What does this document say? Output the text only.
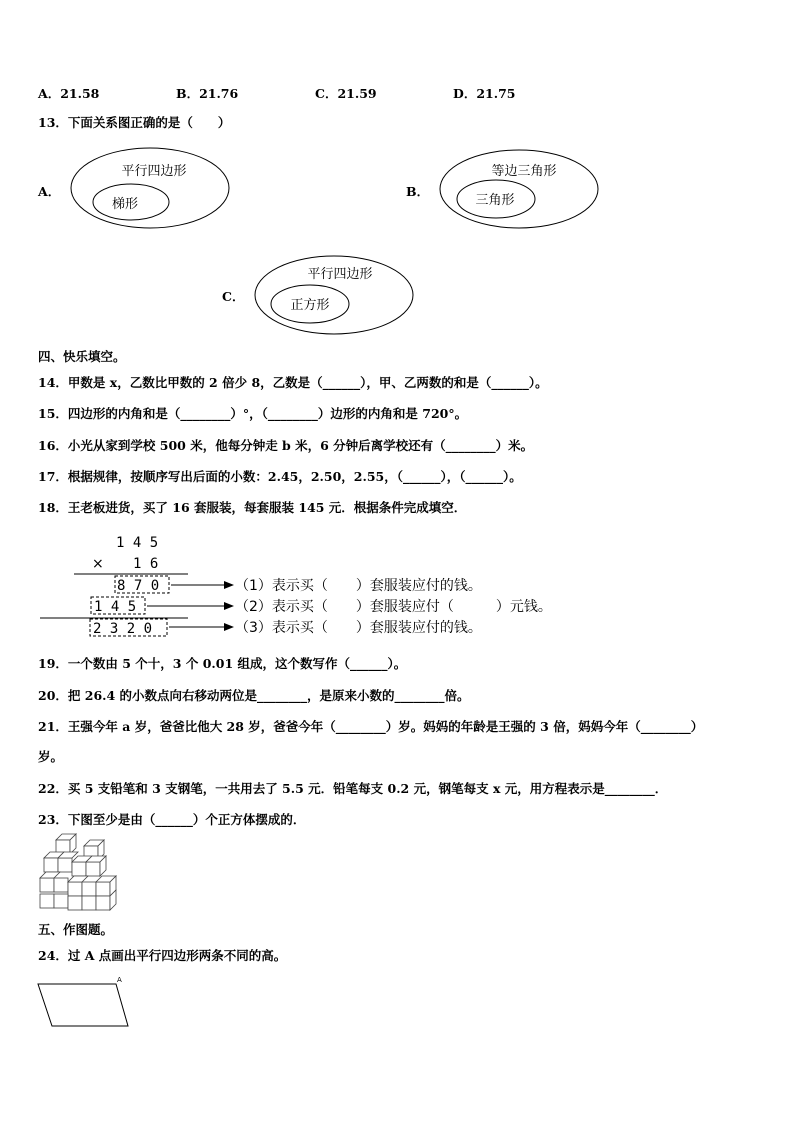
A．21.58	B．21.76	C．21.59	D．21.75
13．下面关系图正确的是（　　）
A．
平行四边形
梯形
B．
等边三角形
三角形
C．
平行四边形
正方形
四、快乐填空。
14．甲数是 x，乙数比甲数的 2 倍少 8，乙数是（______），甲、乙两数的和是（______）。
15．四边形的内角和是（________）°，（________）边形的内角和是 720°。
16．小光从家到学校 500 米，他每分钟走 b 米，6 分钟后离学校还有（________）米。
17．根据规律，按顺序写出后面的小数：2.45，2.50，2.55，（______），（______）。
18．王老板进货，买了 16 套服装，每套服装 145 元．根据条件完成填空．
1 4 5
× 1 6
8 7 0
1 4 5
2 3 2 0
（1）表示买（　　）套服装应付的钱。
（2）表示买（　　）套服装应付（　　　）元钱。
（3）表示买（　　）套服装应付的钱。
19．一个数由 5 个十，3 个 0.01 组成，这个数写作（______）。
20．把 26.4 的小数点向右移动两位是________，是原来小数的________倍。
21．王强今年 a 岁，爸爸比他大 28 岁，爸爸今年（________）岁。妈妈的年龄是王强的 3 倍，妈妈今年（________）
岁。
22．买 5 支铅笔和 3 支钢笔，一共用去了 5.5 元．铅笔每支 0.2 元，钢笔每支 x 元，用方程表示是________．
23．下图至少是由（______）个正方体摆成的．
五、作图题。
24．过 A 点画出平行四边形两条不同的高。
A
